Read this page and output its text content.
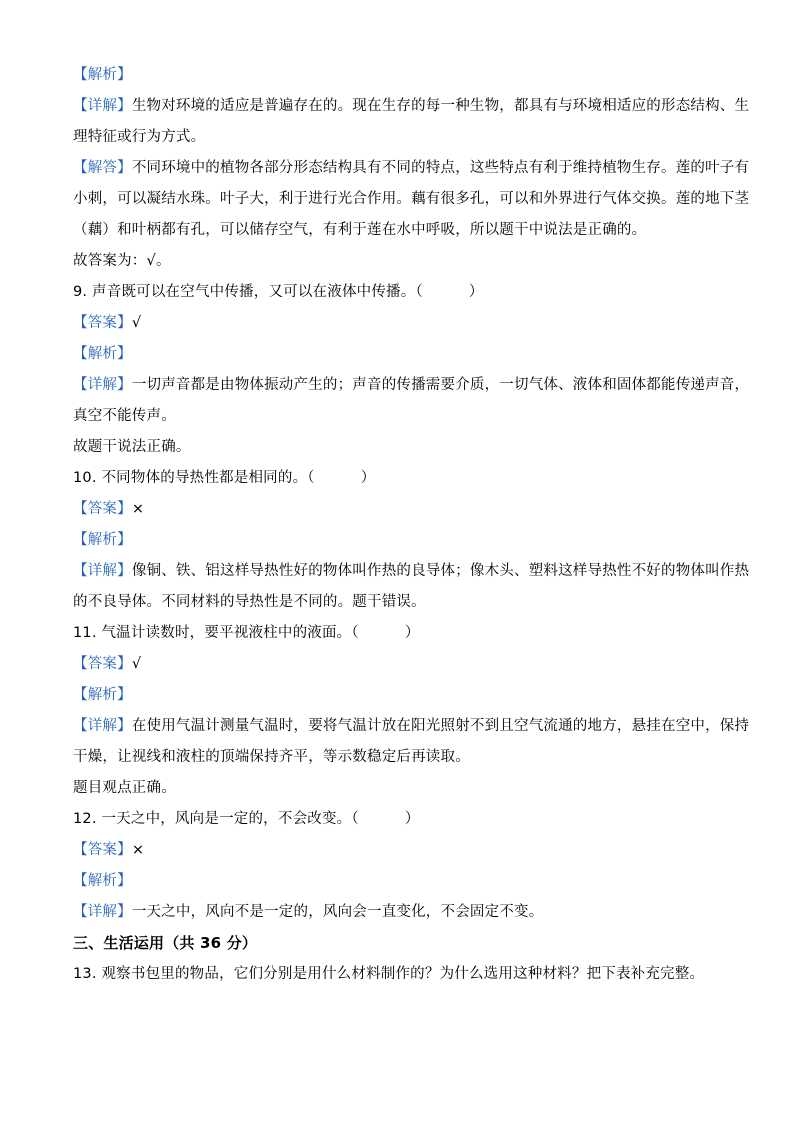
【解析】
【详解】生物对环境的适应是普遍存在的。现在生存的每一种生物，都具有与环境相适应的形态结构、生
理特征或行为方式。
【解答】不同环境中的植物各部分形态结构具有不同的特点，这些特点有利于维持植物生存。莲的叶子有
小刺，可以凝结水珠。叶子大，利于进行光合作用。藕有很多孔，可以和外界进行气体交换。莲的地下茎
（藕）和叶柄都有孔，可以储存空气，有利于莲在水中呼吸，所以题干中说法是正确的。
故答案为：√。
9. 声音既可以在空气中传播，又可以在液体中传播。（	）
【答案】√
【解析】
【详解】一切声音都是由物体振动产生的；声音的传播需要介质，一切气体、液体和固体都能传递声音，
真空不能传声。
故题干说法正确。
10. 不同物体的导热性都是相同的。（	）
【答案】×
【解析】
【详解】像铜、铁、铝这样导热性好的物体叫作热的良导体；像木头、塑料这样导热性不好的物体叫作热
的不良导体。不同材料的导热性是不同的。题干错误。
11. 气温计读数时，要平视液柱中的液面。（	）
【答案】√
【解析】
【详解】在使用气温计测量气温时，要将气温计放在阳光照射不到且空气流通的地方，悬挂在空中，保持
干燥，让视线和液柱的顶端保持齐平，等示数稳定后再读取。
题目观点正确。
12. 一天之中，风向是一定的，不会改变。（	）
【答案】×
【解析】
【详解】一天之中，风向不是一定的，风向会一直变化，不会固定不变。
三、生活运用（共 36 分）
13. 观察书包里的物品，它们分别是用什么材料制作的？为什么选用这种材料？把下表补充完整。
